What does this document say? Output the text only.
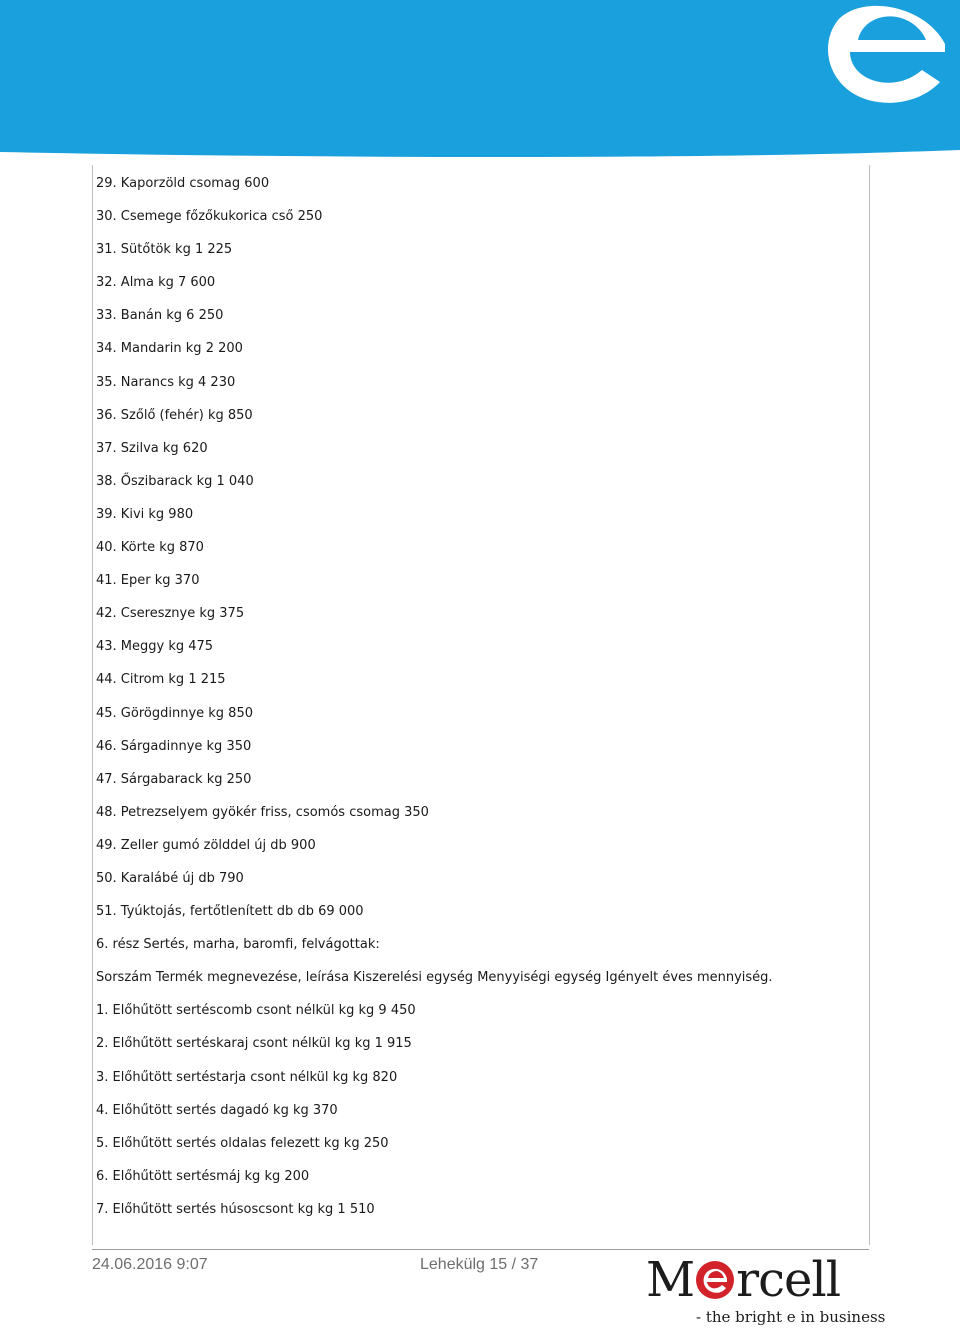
29. Kaporzöld csomag 600
30. Csemege főzőkukorica cső 250
31. Sütőtök kg 1 225
32. Alma kg 7 600
33. Banán kg 6 250
34. Mandarin kg 2 200
35. Narancs kg 4 230
36. Szőlő (fehér) kg 850
37. Szilva kg 620
38. Őszibarack kg 1 040
39. Kivi kg 980
40. Körte kg 870
41. Eper kg 370
42. Cseresznye kg 375
43. Meggy kg 475
44. Citrom kg 1 215
45. Görögdinnye kg 850
46. Sárgadinnye kg 350
47. Sárgabarack kg 250
48. Petrezselyem gyökér friss, csomós csomag 350
49. Zeller gumó zölddel új db 900
50. Karalábé új db 790
51. Tyúktojás, fertőtlenített db db 69 000
6. rész Sertés, marha, baromfi, felvágottak:
Sorszám Termék megnevezése, leírása Kiszerelési egység Menyyiségi egység Igényelt éves mennyiség.
1. Előhűtött sertéscomb csont nélkül kg kg 9 450
2. Előhűtött sertéskaraj csont nélkül kg kg 1 915
3. Előhűtött sertéstarja csont nélkül kg kg 820
4. Előhűtött sertés dagadó kg kg 370
5. Előhűtött sertés oldalas felezett kg kg 250
6. Előhűtött sertésmáj kg kg 200
7. Előhűtött sertés húsoscsont kg kg 1 510
24.06.2016 9:07	Lehekülg 15 / 37 M rcell
- the bright e in business
